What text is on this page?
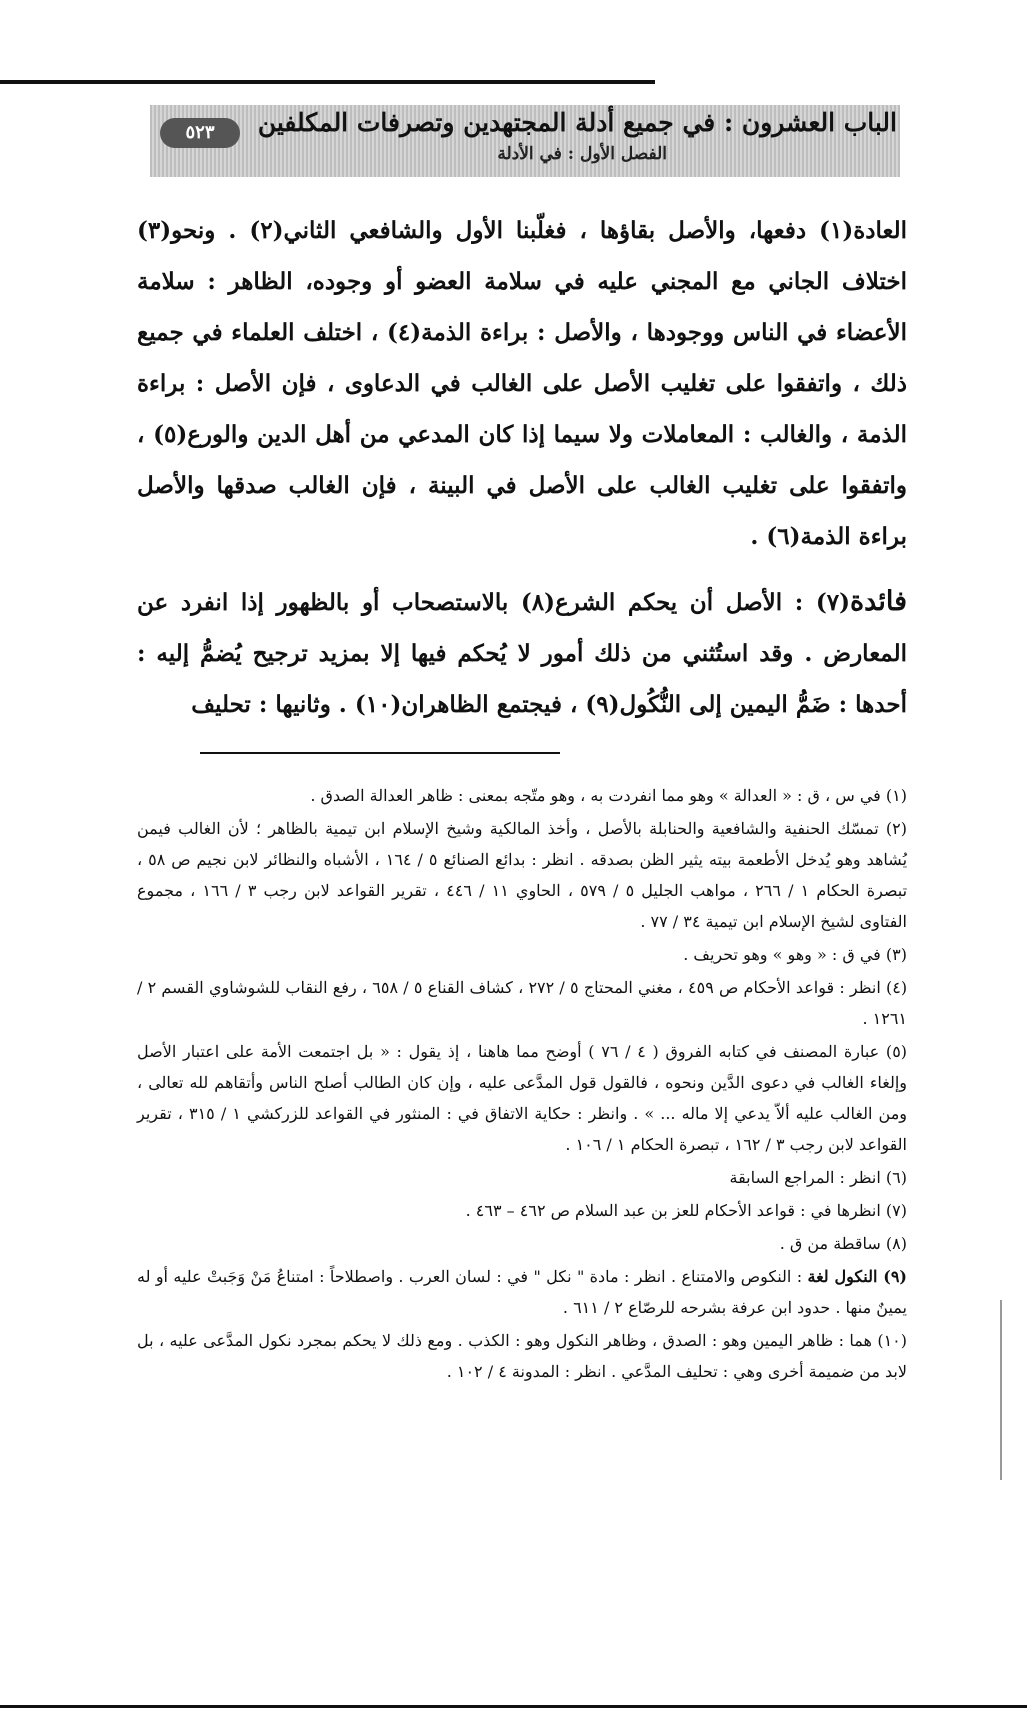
٥٢٣	الباب العشرون : في جميع أدلة المجتهدين وتصرفات المكلفين
الفصل الأول : في الأدلة

العادة(١) دفعها، والأصل بقاؤها ، فغلّبنا الأول والشافعي الثاني(٢) . ونحو(٣) اختلاف الجاني مع المجني عليه في سلامة العضو أو وجوده، الظاهر : سلامة الأعضاء في الناس ووجودها ، والأصل : براءة الذمة(٤) ، اختلف العلماء في جميع ذلك ، واتفقوا على تغليب الأصل على الغالب في الدعاوى ، فإن الأصل : براءة الذمة ، والغالب : المعاملات ولا سيما إذا كان المدعي من أهل الدين والورع(٥) ، واتفقوا على تغليب الغالب على الأصل في البينة ، فإن الغالب صدقها والأصل براءة الذمة(٦) .

فائدة(٧) : الأصل أن يحكم الشرع(٨) بالاستصحاب أو بالظهور إذا انفرد عن المعارض . وقد استُثني من ذلك أمور لا يُحكم فيها إلا بمزيد ترجيح يُضمُّ إليه : أحدها : ضَمُّ اليمين إلى النُّكُول(٩) ، فيجتمع الظاهران(١٠) . وثانيها : تحليف

(١) في س ، ق : « العدالة » وهو مما انفردت به ، وهو متّجه بمعنى : ظاهر العدالة الصدق .

(٢) تمسّك الحنفية والشافعية والحنابلة بالأصل ، وأخذ المالكية وشيخ الإسلام ابن تيمية بالظاهر ؛ لأن الغالب فيمن يُشاهد وهو يُدخل الأطعمة بيته يثير الظن بصدقه . انظر : بدائع الصنائع ٥ / ١٦٤ ، الأشباه والنظائر لابن نجيم ص ٥٨ ، تبصرة الحكام ١ / ٢٦٦ ، مواهب الجليل ٥ / ٥٧٩ ، الحاوي ١١ / ٤٤٦ ، تقرير القواعد لابن رجب ٣ / ١٦٦ ، مجموع الفتاوى لشيخ الإسلام ابن تيمية ٣٤ / ٧٧ .

(٣) في ق : « وهو » وهو تحريف .

(٤) انظر : قواعد الأحكام ص ٤٥٩ ، مغني المحتاج ٥ / ٢٧٢ ، كشاف القناع ٥ / ٦٥٨ ، رفع النقاب للشوشاوي القسم ٢ / ١٢٦١ .

(٥) عبارة المصنف في كتابه الفروق ( ٤ / ٧٦ ) أوضح مما هاهنا ، إذ يقول : « بل اجتمعت الأمة على اعتبار الأصل وإلغاء الغالب في دعوى الدَّين ونحوه ، فالقول قول المدَّعى عليه ، وإن كان الطالب أصلح الناس وأتقاهم لله تعالى ، ومن الغالب عليه ألاّ يدعي إلا ماله ... » . وانظر : حكاية الاتفاق في : المنثور في القواعد للزركشي ١ / ٣١٥ ، تقرير القواعد لابن رجب ٣ / ١٦٢ ، تبصرة الحكام ١ / ١٠٦ .

(٦) انظر : المراجع السابقة

(٧) انظرها في : قواعد الأحكام للعز بن عبد السلام ص ٤٦٢ – ٤٦٣ .

(٨) ساقطة من ق .

(٩) النكول لغة : النكوص والامتناع . انظر : مادة " نكل " في : لسان العرب . واصطلاحاً : امتناعُ مَنْ وَجَبتْ عليه أو له يمينٌ منها . حدود ابن عرفة بشرحه للرصّاع ٢ / ٦١١ .

(١٠) هما : ظاهر اليمين وهو : الصدق ، وظاهر النكول وهو : الكذب . ومع ذلك لا يحكم بمجرد نكول المدَّعى عليه ، بل لابد من ضميمة أخرى وهي : تحليف المدَّعي . انظر : المدونة ٤ / ١٠٢ .
